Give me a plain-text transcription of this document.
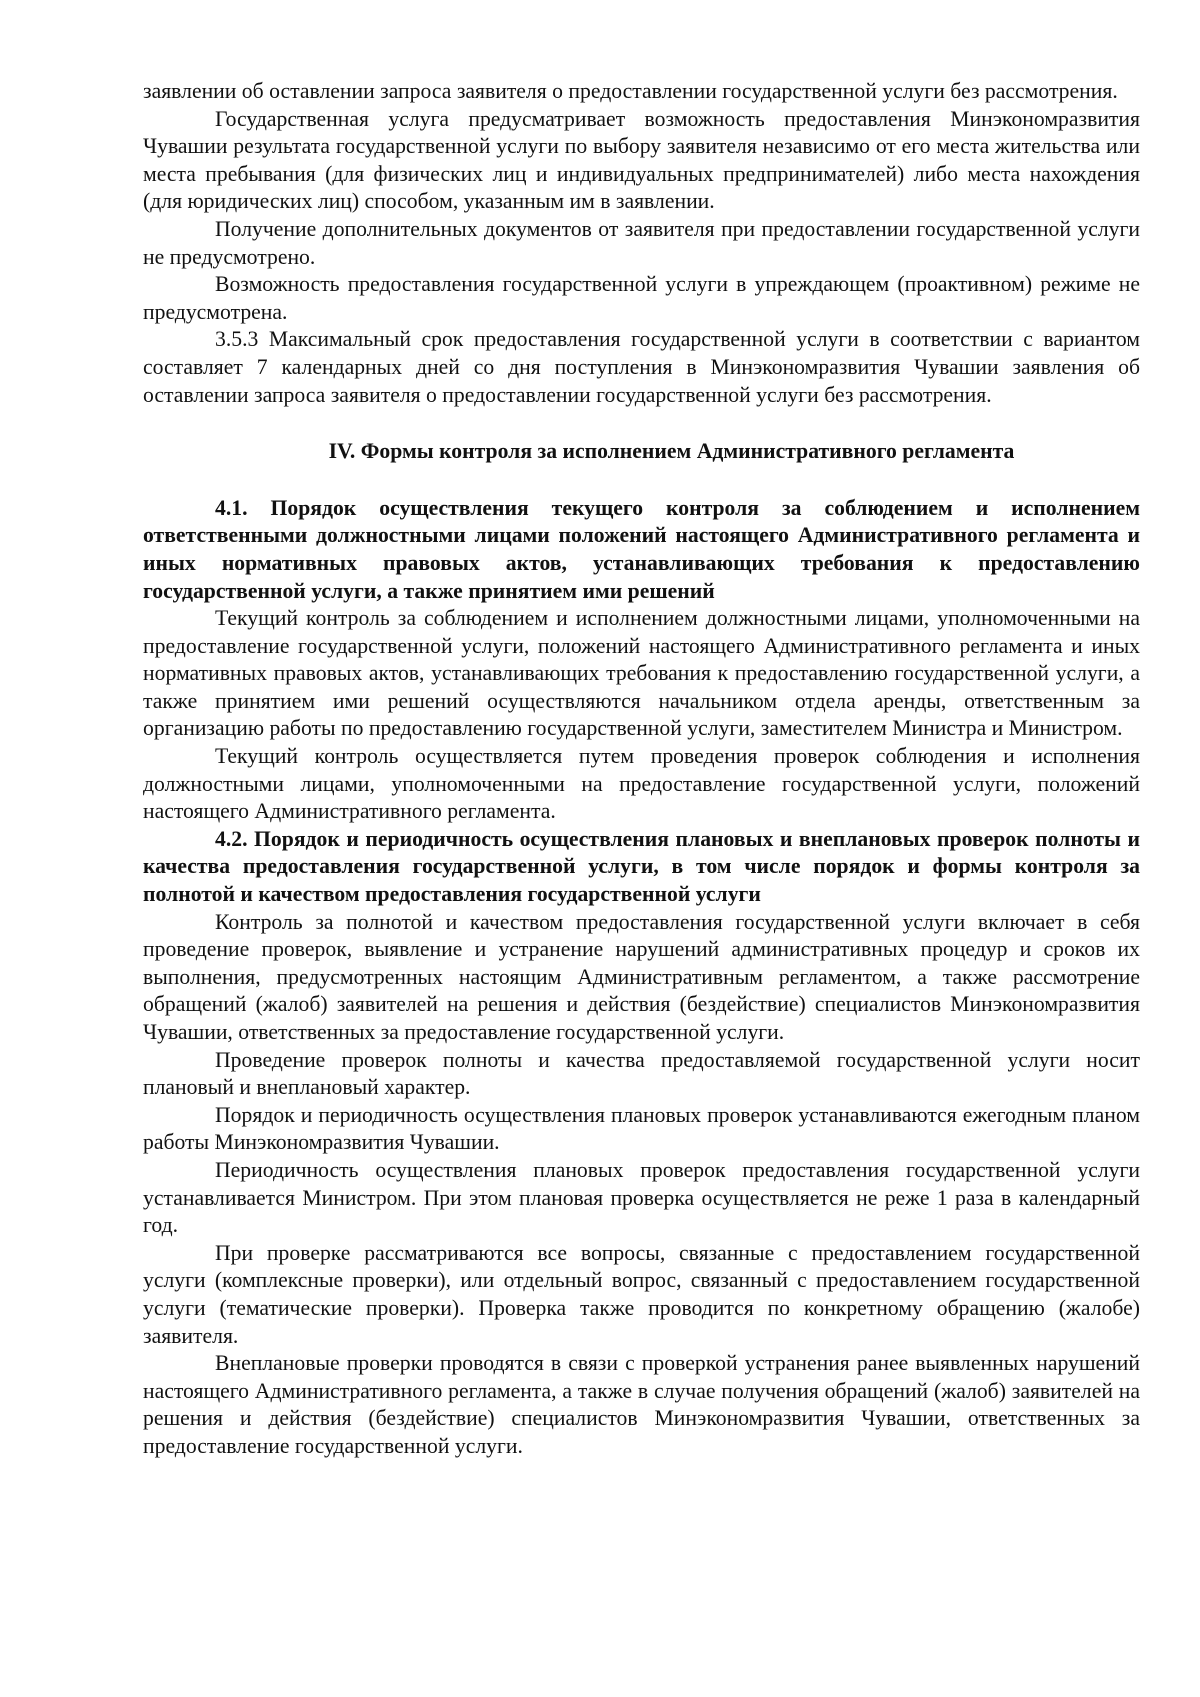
заявлении об оставлении запроса заявителя о предоставлении государственной услуги без рассмотрения.

Государственная услуга предусматривает возможность предоставления Минэкономразвития Чувашии результата государственной услуги по выбору заявителя независимо от его места жительства или места пребывания (для физических лиц и индивидуальных предпринимателей) либо места нахождения (для юридических лиц) способом, указанным им в заявлении.

Получение дополнительных документов от заявителя при предоставлении государственной услуги не предусмотрено.

Возможность предоставления государственной услуги в упреждающем (проактивном) режиме не предусмотрена.

3.5.3 Максимальный срок предоставления государственной услуги в соответствии с вариантом составляет 7 календарных дней со дня поступления в Минэкономразвития Чувашии заявления об оставлении запроса заявителя о предоставлении государственной услуги без рассмотрения.

IV. Формы контроля за исполнением Административного регламента

4.1. Порядок осуществления текущего контроля за соблюдением и исполнением ответственными должностными лицами положений настоящего Административного регламента и иных нормативных правовых актов, устанавливающих требования к предоставлению государственной услуги, а также принятием ими решений

Текущий контроль за соблюдением и исполнением должностными лицами, уполномоченными на предоставление государственной услуги, положений настоящего Административного регламента и иных нормативных правовых актов, устанавливающих требования к предоставлению государственной услуги, а также принятием ими решений осуществляются начальником отдела аренды, ответственным за организацию работы по предоставлению государственной услуги, заместителем Министра и Министром.

Текущий контроль осуществляется путем проведения проверок соблюдения и исполнения должностными лицами, уполномоченными на предоставление государственной услуги, положений настоящего Административного регламента.

4.2. Порядок и периодичность осуществления плановых и внеплановых проверок полноты и качества предоставления государственной услуги, в том числе порядок и формы контроля за полнотой и качеством предоставления государственной услуги

Контроль за полнотой и качеством предоставления государственной услуги включает в себя проведение проверок, выявление и устранение нарушений административных процедур и сроков их выполнения, предусмотренных настоящим Административным регламентом, а также рассмотрение обращений (жалоб) заявителей на решения и действия (бездействие) специалистов Минэкономразвития Чувашии, ответственных за предоставление государственной услуги.

Проведение проверок полноты и качества предоставляемой государственной услуги носит плановый и внеплановый характер.

Порядок и периодичность осуществления плановых проверок устанавливаются ежегодным планом работы Минэкономразвития Чувашии.

Периодичность осуществления плановых проверок предоставления государственной услуги устанавливается Министром. При этом плановая проверка осуществляется не реже 1 раза в календарный год.

При проверке рассматриваются все вопросы, связанные с предоставлением государственной услуги (комплексные проверки), или отдельный вопрос, связанный с предоставлением государственной услуги (тематические проверки). Проверка также проводится по конкретному обращению (жалобе) заявителя.

Внеплановые проверки проводятся в связи с проверкой устранения ранее выявленных нарушений настоящего Административного регламента, а также в случае получения обращений (жалоб) заявителей на решения и действия (бездействие) специалистов Минэкономразвития Чувашии, ответственных за предоставление государственной услуги.
